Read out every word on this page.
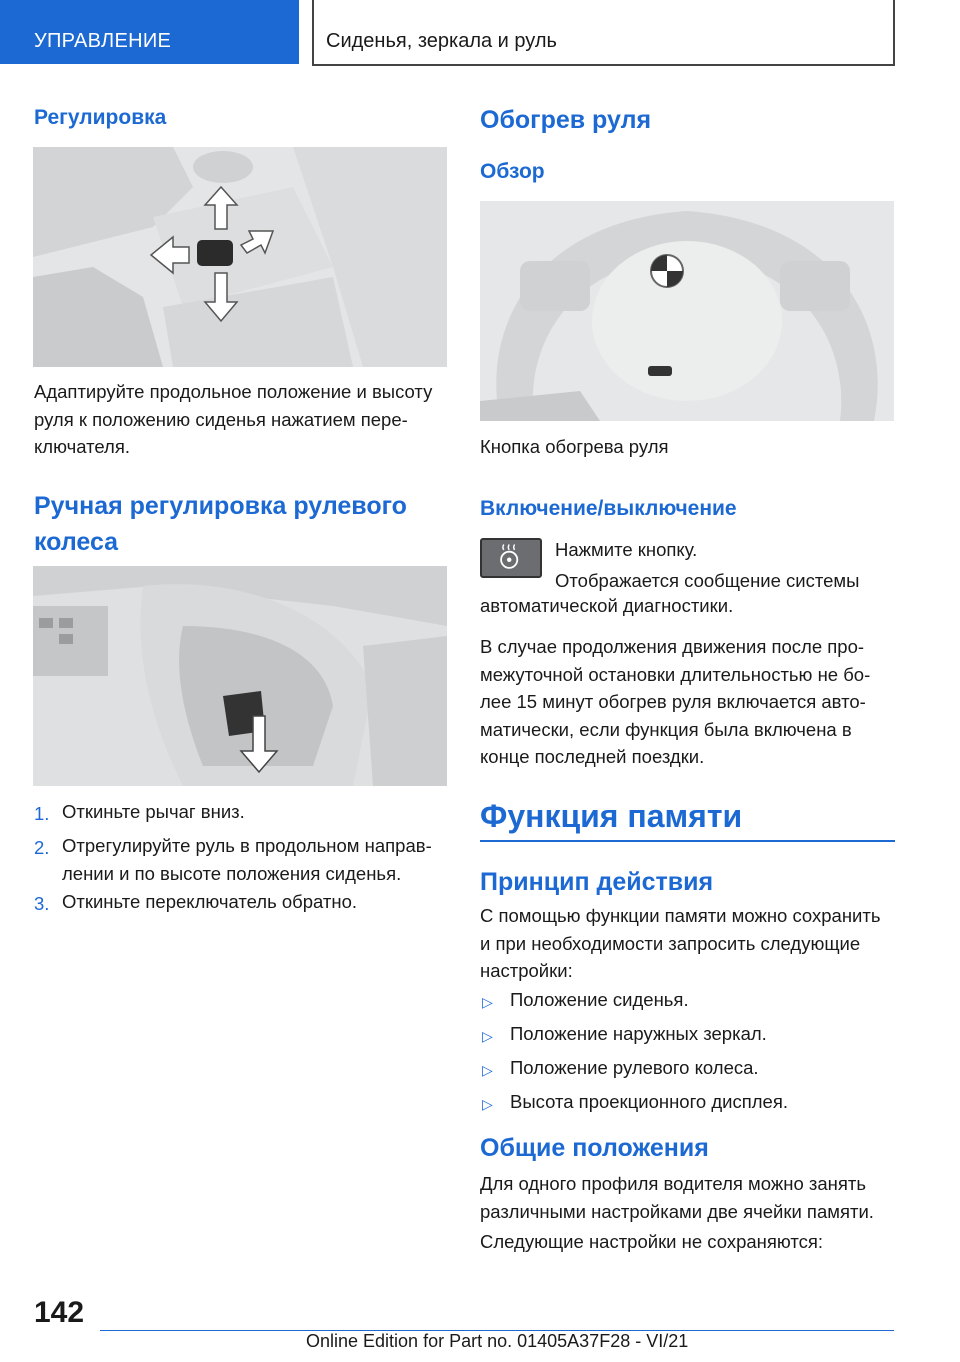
УПРАВЛЕНИЕ	Сиденья, зеркала и руль
Регулировка
Адаптируйте продольное положение и высоту
руля к положению сиденья нажатием пере-
ключателя.
Ручная регулировка рулевого
колеса
1. Откиньте рычаг вниз.
2. Отрегулируйте руль в продольном направ-
лении и по высоте положения сиденья.
3. Откиньте переключатель обратно.
Обогрев руля
Обзор
Кнопка обогрева руля
Включение/выключение
Нажмите кнопку.
Отображается сообщение системы
автоматической диагностики.
В случае продолжения движения после про-
межуточной остановки длительностью не бо-
лее 15 минут обогрев руля включается авто-
матически, если функция была включена в
конце последней поездки.
Функция памяти
Принцип действия
С помощью функции памяти можно сохранить
и при необходимости запросить следующие
настройки:
▷ Положение сиденья.
▷ Положение наружных зеркал.
▷ Положение рулевого колеса.
▷ Высота проекционного дисплея.
Общие положения
Для одного профиля водителя можно занять
различными настройками две ячейки памяти.
Следующие настройки не сохраняются:
142
Online Edition for Part no. 01405A37F28 - VI/21
